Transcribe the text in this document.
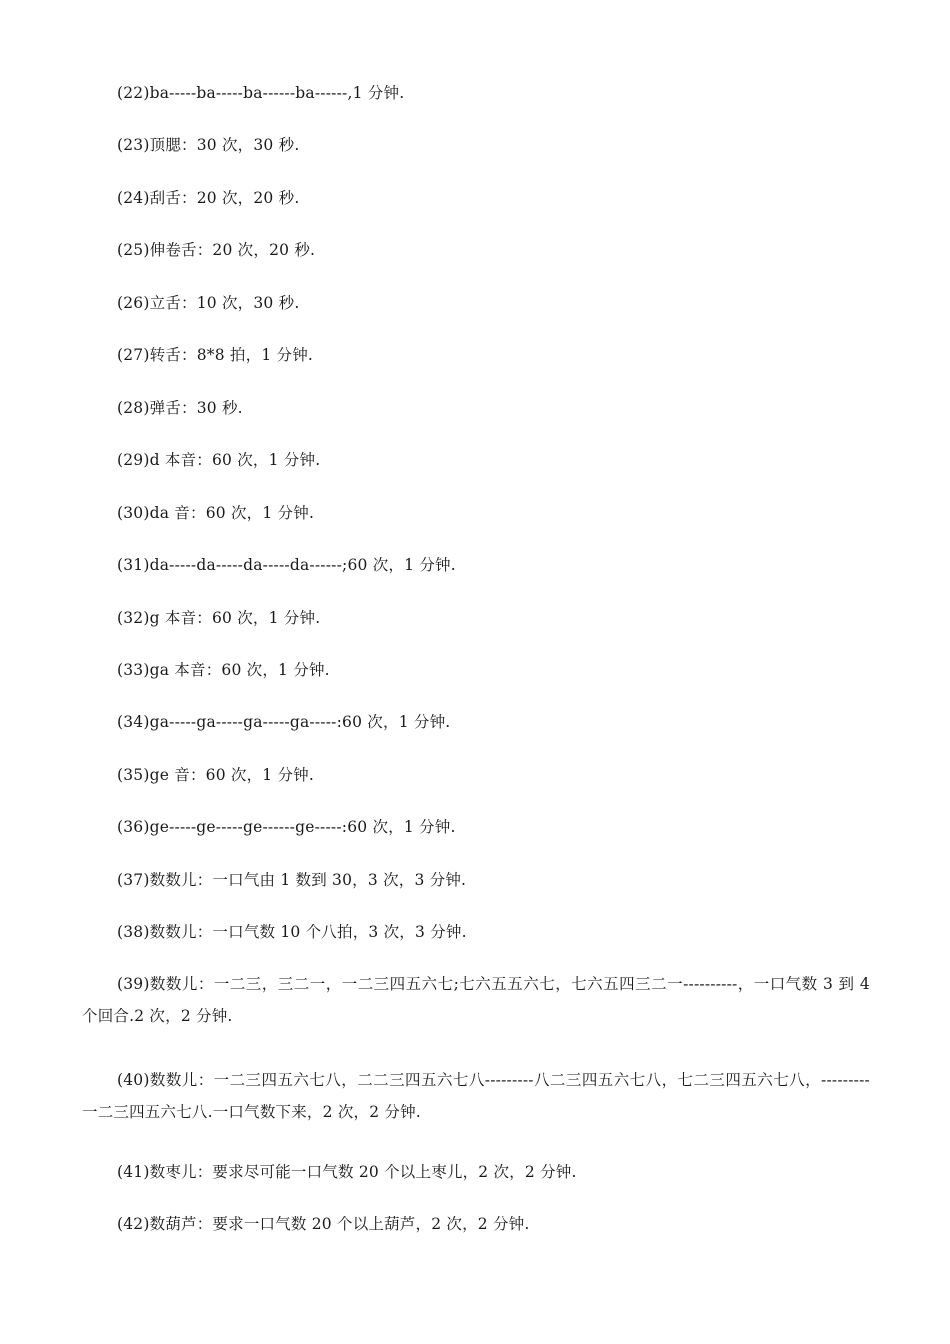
(22)ba-----ba-----ba------ba------,1 分钟.

(23)顶腮：30 次，30 秒.

(24)刮舌：20 次，20 秒.

(25)伸卷舌：20 次，20 秒.

(26)立舌：10 次，30 秒.

(27)转舌：8*8 拍，1 分钟.

(28)弹舌：30 秒.

(29)d 本音：60 次，1 分钟.

(30)da 音：60 次，1 分钟.

(31)da-----da-----da-----da------;60 次，1 分钟.

(32)g 本音：60 次，1 分钟.

(33)ga 本音：60 次，1 分钟.

(34)ga-----ga-----ga-----ga-----:60 次，1 分钟.

(35)ge 音：60 次，1 分钟.

(36)ge-----ge-----ge------ge-----:60 次，1 分钟.

(37)数数儿：一口气由 1 数到 30，3 次，3 分钟.

(38)数数儿：一口气数 10 个八拍，3 次，3 分钟.

(39)数数儿：一二三，三二一，一二三四五六七;七六五五六七，七六五四三二一----------，一口气数 3 到 4 个回合.2 次，2 分钟.

(40)数数儿：一二三四五六七八，二二三四五六七八---------八二三四五六七八，七二三四五六七八，---------一二三四五六七八.一口气数下来，2 次，2 分钟.

(41)数枣儿：要求尽可能一口气数 20 个以上枣儿，2 次，2 分钟.

(42)数葫芦：要求一口气数 20 个以上葫芦，2 次，2 分钟.
